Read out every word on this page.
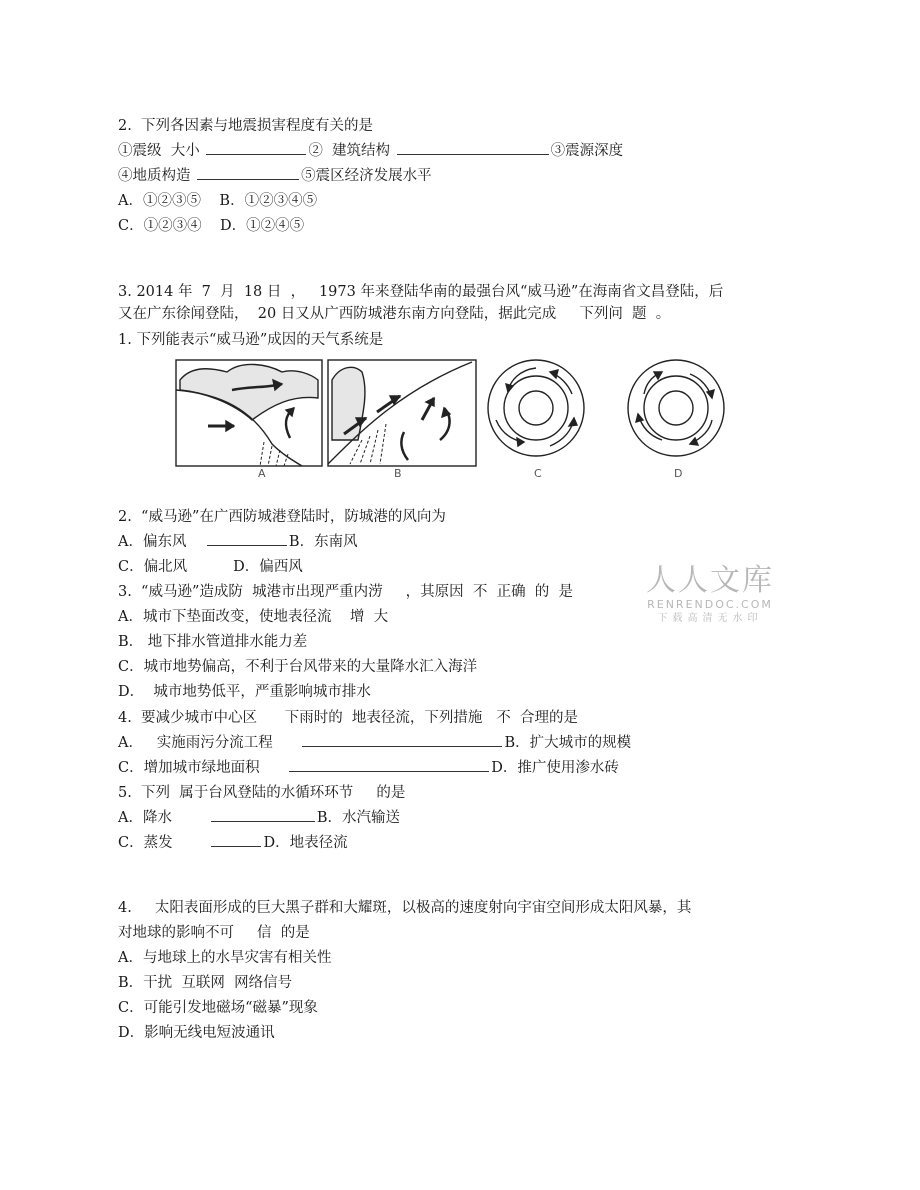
2.  下列各因素与地震损害程度有关的是
①震级  大小	②  建筑结构	③震源深度
④地质构造	⑤震区经济发展水平
A．①②③⑤    B．①②③④⑤
C．①②③④    D．①②④⑤
3. 2014 年  7  月  18 日  ，   1973 年来登陆华南的最强台风“威马逊”在海南省文昌登陆，后
又在广东徐闻登陆，  20 日又从广西防城港东南方向登陆，据此完成     下列问  题  。
1. 下列能表示“威马逊”成因的天气系统是
A	B	C	D
2.  “威马逊”在广西防城港登陆时，防城港的风向为
A．偏东风	B．东南风
C．偏北风          D．偏西风
3.  “威马逊”造成防  城港市出现严重内涝     ，其原因  不  正确  的  是
A．城市下垫面改变，使地表径流    增  大
B． 地下排水管道排水能力差
C．城市地势偏高，不利于台风带来的大量降水汇入海洋
D．  城市地势低平，严重影响城市排水
4.  要减少城市中心区      下雨时的  地表径流，下列措施   不  合理的是
A．   实施雨污分流工程	B．扩大城市的规模
C．增加城市绿地面积	D．推广使用渗水砖
5.  下列  属于台风登陆的水循环环节     的是
A．降水	B．水汽输送
C．蒸发	D．地表径流
4.     太阳表面形成的巨大黑子群和大耀斑，以极高的速度射向宇宙空间形成太阳风暴，其
对地球的影响不可     信  的是
A．与地球上的水旱灾害有相关性
B．干扰  互联网  网络信号
C．可能引发地磁场“磁暴”现象
D．影响无线电短波通讯
人人文库
RENRENDOC.COM
下载高清无水印
